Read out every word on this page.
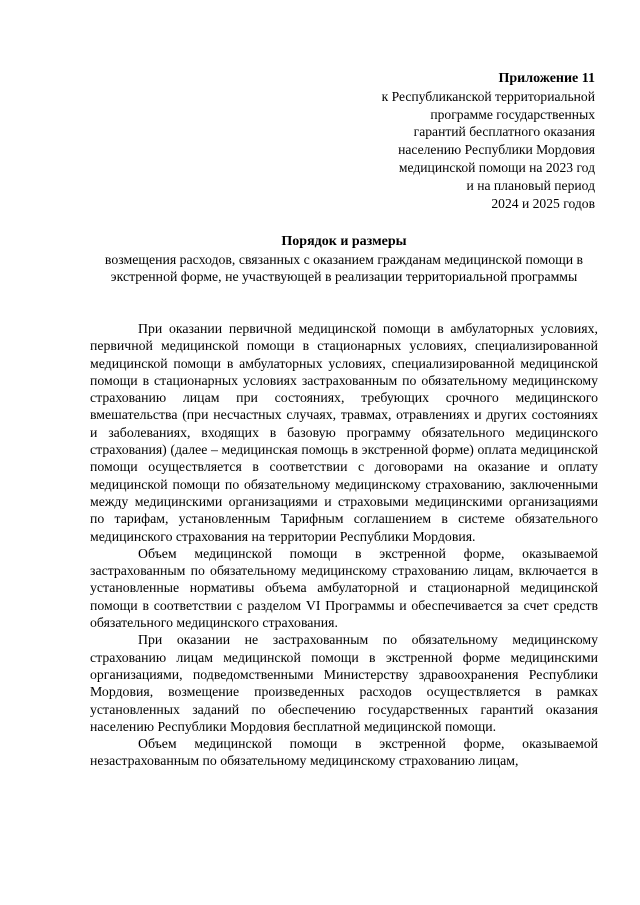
Приложение 11
к Республиканской территориальной
программе государственных
гарантий бесплатного оказания
населению Республики Мордовия
медицинской помощи на 2023 год
и на плановый период
2024 и 2025 годов
Порядок и размеры
возмещения расходов, связанных с оказанием гражданам медицинской помощи в экстренной форме, не участвующей в реализации территориальной программы

При оказании первичной медицинской помощи в амбулаторных условиях, первичной медицинской помощи в стационарных условиях, специализированной медицинской помощи в амбулаторных условиях, специализированной медицинской помощи в стационарных условиях застрахованным по обязательному медицинскому страхованию лицам при состояниях, требующих срочного медицинского вмешательства (при несчастных случаях, травмах, отравлениях и других состояниях и заболеваниях, входящих в базовую программу обязательного медицинского страхования) (далее – медицинская помощь в экстренной форме) оплата медицинской помощи осуществляется в соответствии с договорами на оказание и оплату медицинской помощи по обязательному медицинскому страхованию, заключенными между медицинскими организациями и страховыми медицинскими организациями по тарифам, установленным Тарифным соглашением в системе обязательного медицинского страхования на территории Республики Мордовия.

Объем медицинской помощи в экстренной форме, оказываемой застрахованным по обязательному медицинскому страхованию лицам, включается в установленные нормативы объема амбулаторной и стационарной медицинской помощи в соответствии с разделом VI Программы и обеспечивается за счет средств обязательного медицинского страхования.

При оказании не застрахованным по обязательному медицинскому страхованию лицам медицинской помощи в экстренной форме медицинскими организациями, подведомственными Министерству здравоохранения Республики Мордовия, возмещение произведенных расходов осуществляется в рамках установленных заданий по обеспечению государственных гарантий оказания населению Республики Мордовия бесплатной медицинской помощи.

Объем медицинской помощи в экстренной форме, оказываемой незастрахованным по обязательному медицинскому страхованию лицам,
